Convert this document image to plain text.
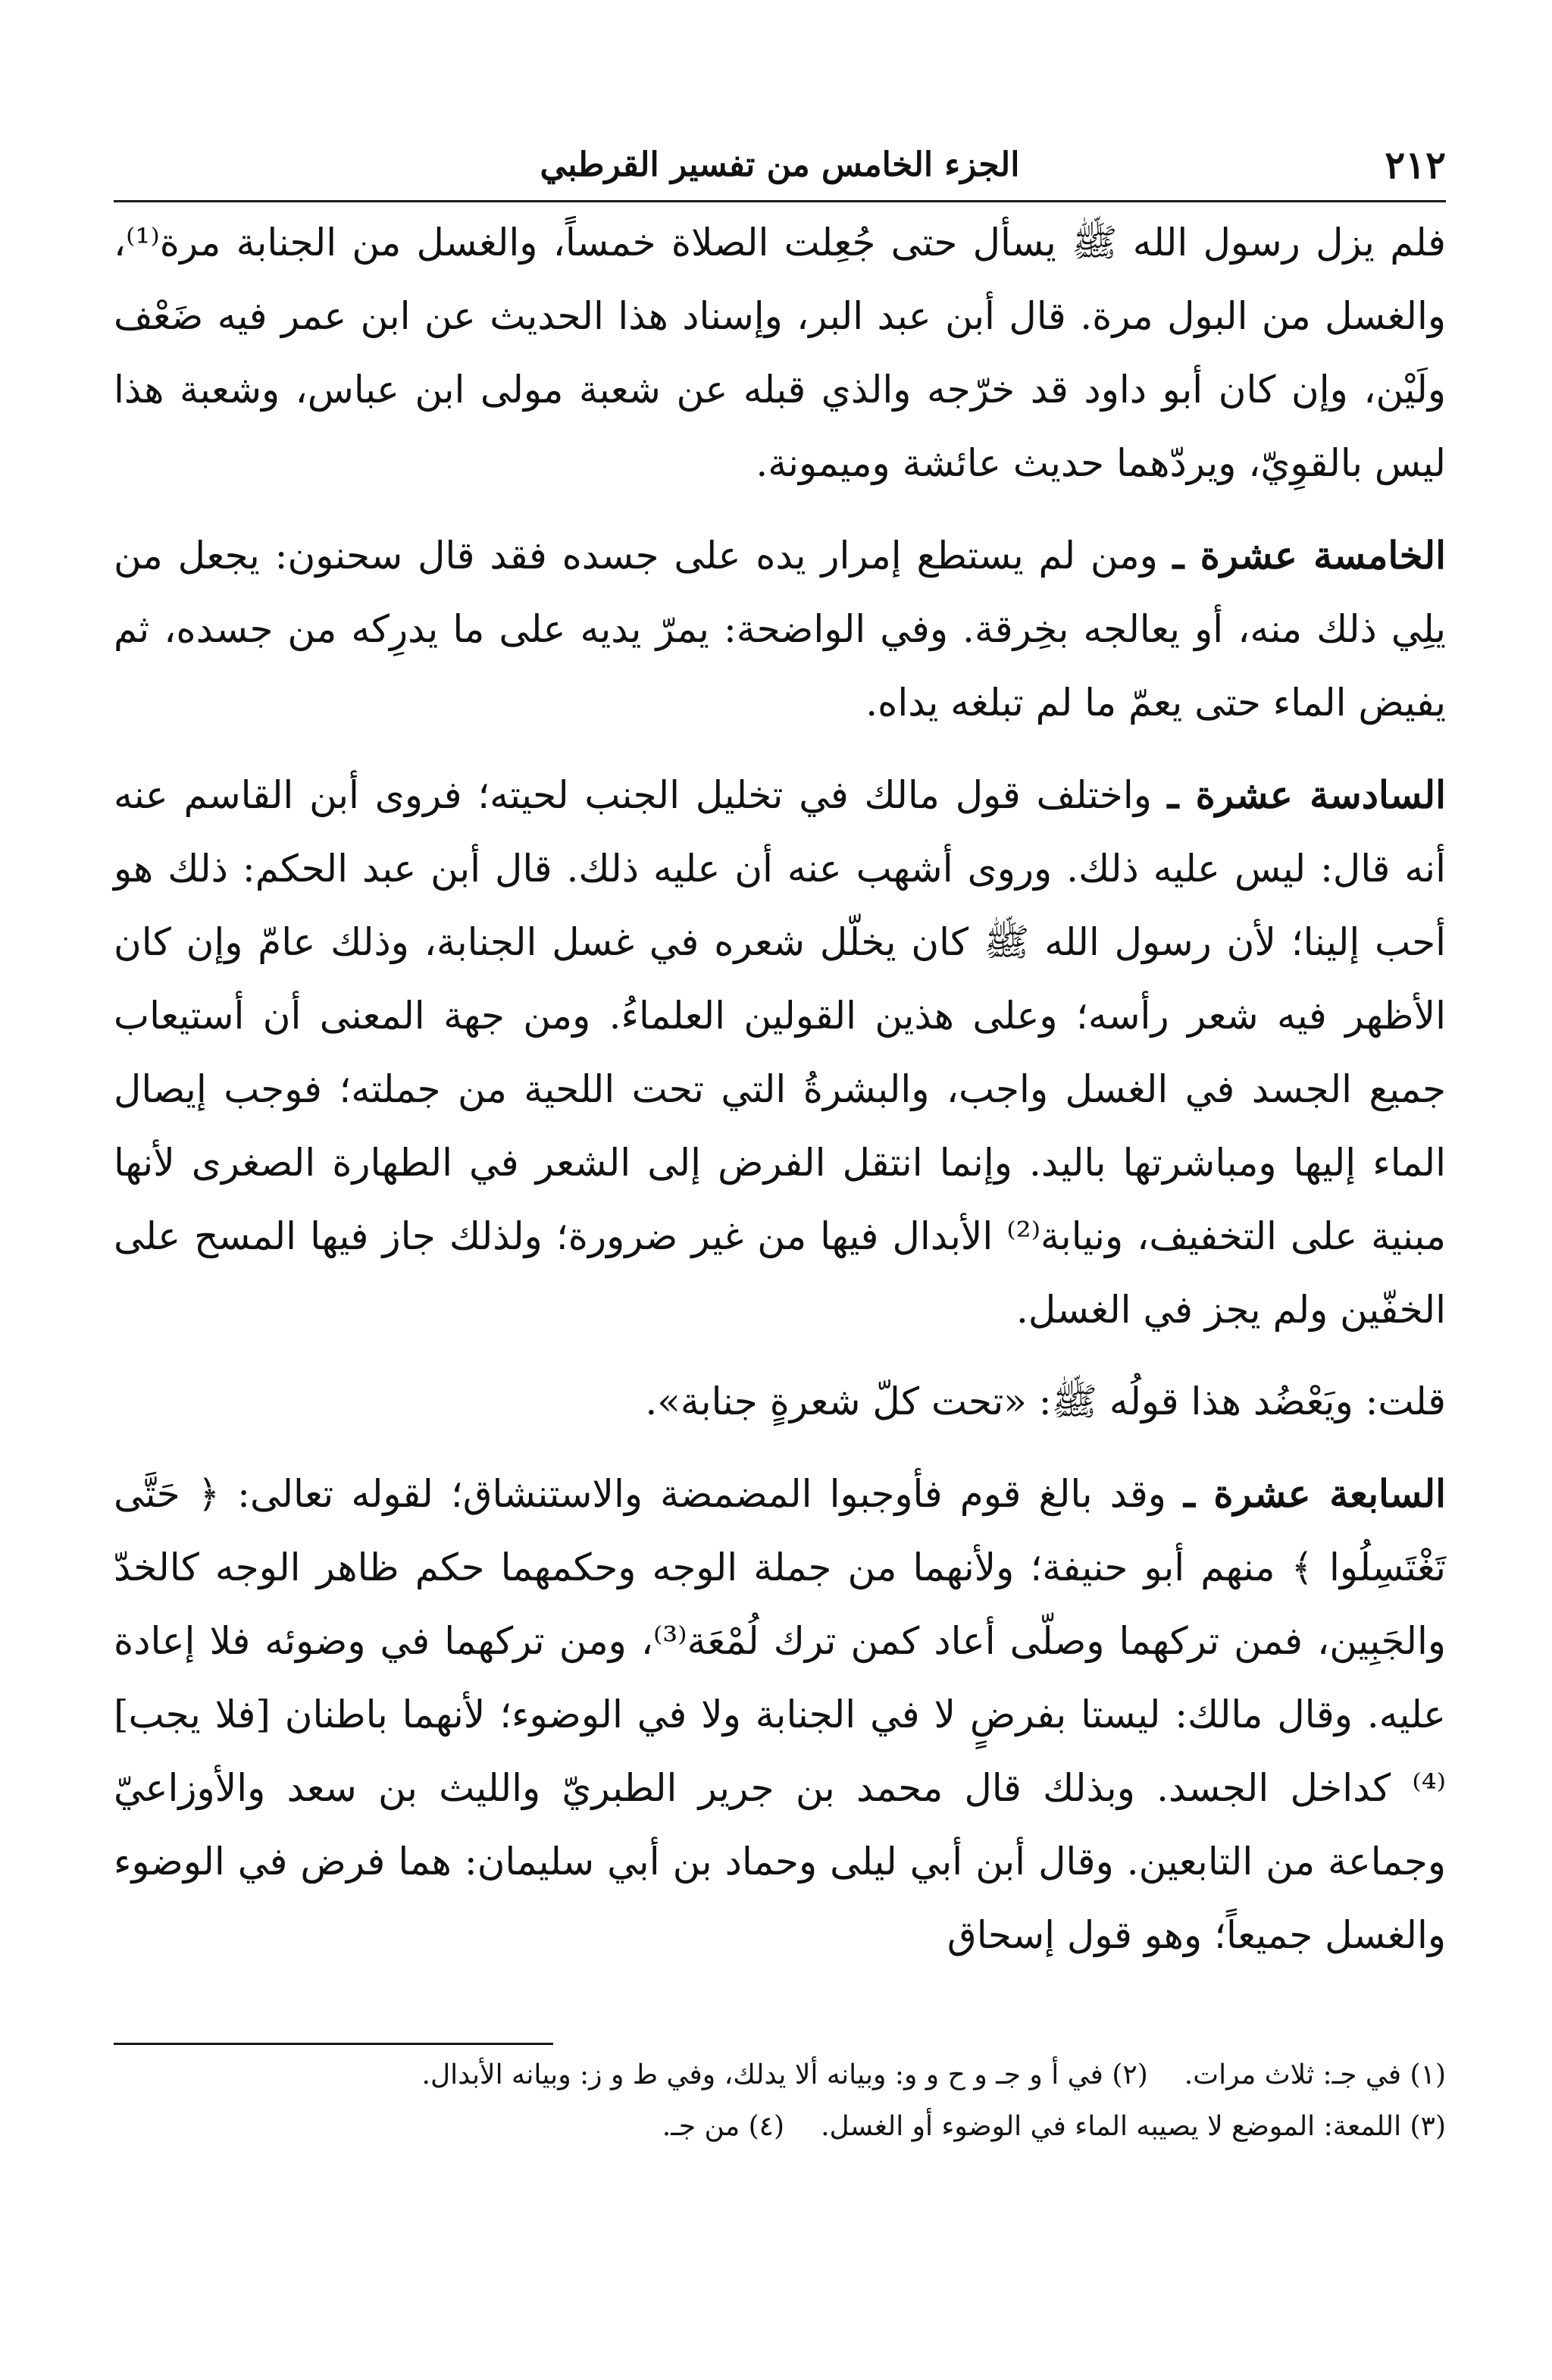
٢١٢
الجزء الخامس من تفسير القرطبي

فلم يزل رسول الله ﷺ يسأل حتى جُعِلت الصلاة خمساً، والغسل من الجنابة مرة⁽¹⁾، والغسل من البول مرة. قال أبن عبد البر، وإسناد هذا الحديث عن ابن عمر فيه ضَعْف ولَيْن، وإن كان أبو داود قد خرّجه والذي قبله عن شعبة مولى ابن عباس، وشعبة هذا ليس بالقوِيّ، ويردّهما حديث عائشة وميمونة.

الخامسة عشرة ـ ومن لم يستطع إمرار يده على جسده فقد قال سحنون: يجعل من يلِي ذلك منه، أو يعالجه بخِرقة. وفي الواضحة: يمرّ يديه على ما يدرِكه من جسده، ثم يفيض الماء حتى يعمّ ما لم تبلغه يداه.

السادسة عشرة ـ واختلف قول مالك في تخليل الجنب لحيته؛ فروى أبن القاسم عنه أنه قال: ليس عليه ذلك. وروى أشهب عنه أن عليه ذلك. قال أبن عبد الحكم: ذلك هو أحب إلينا؛ لأن رسول الله ﷺ كان يخلّل شعره في غسل الجنابة، وذلك عامّ وإن كان الأظهر فيه شعر رأسه؛ وعلى هذين القولين العلماءُ. ومن جهة المعنى أن أستيعاب جميع الجسد في الغسل واجب، والبشرةُ التي تحت اللحية من جملته؛ فوجب إيصال الماء إليها ومباشرتها باليد. وإنما انتقل الفرض إلى الشعر في الطهارة الصغرى لأنها مبنية على التخفيف، ونيابة⁽²⁾ الأبدال فيها من غير ضرورة؛ ولذلك جاز فيها المسح على الخفّين ولم يجز في الغسل.

قلت: ويَعْضُد هذا قولُه ﷺ: «تحت كلّ شعرةٍ جنابة».

السابعة عشرة ـ وقد بالغ قوم فأوجبوا المضمضة والاستنشاق؛ لقوله تعالى: ﴿ حَتَّى تَغْتَسِلُوا ﴾ منهم أبو حنيفة؛ ولأنهما من جملة الوجه وحكمهما حكم ظاهر الوجه كالخدّ والجَبِين، فمن تركهما وصلّى أعاد كمن ترك لُمْعَة⁽³⁾، ومن تركهما في وضوئه فلا إعادة عليه. وقال مالك: ليستا بفرضٍ لا في الجنابة ولا في الوضوء؛ لأنهما باطنان [فلا يجب]⁽⁴⁾ كداخل الجسد. وبذلك قال محمد بن جرير الطبريّ والليث بن سعد والأوزاعيّ وجماعة من التابعين. وقال أبن أبي ليلى وحماد بن أبي سليمان: هما فرض في الوضوء والغسل جميعاً؛ وهو قول إسحاق

(١) في جـ: ثلاث مرات.(٢) في أ و جـ و ح و و: وبيانه ألا يدلك، وفي ط و ز: وبيانه الأبدال.
(٣) اللمعة: الموضع لا يصيبه الماء في الوضوء أو الغسل.(٤) من جـ.
